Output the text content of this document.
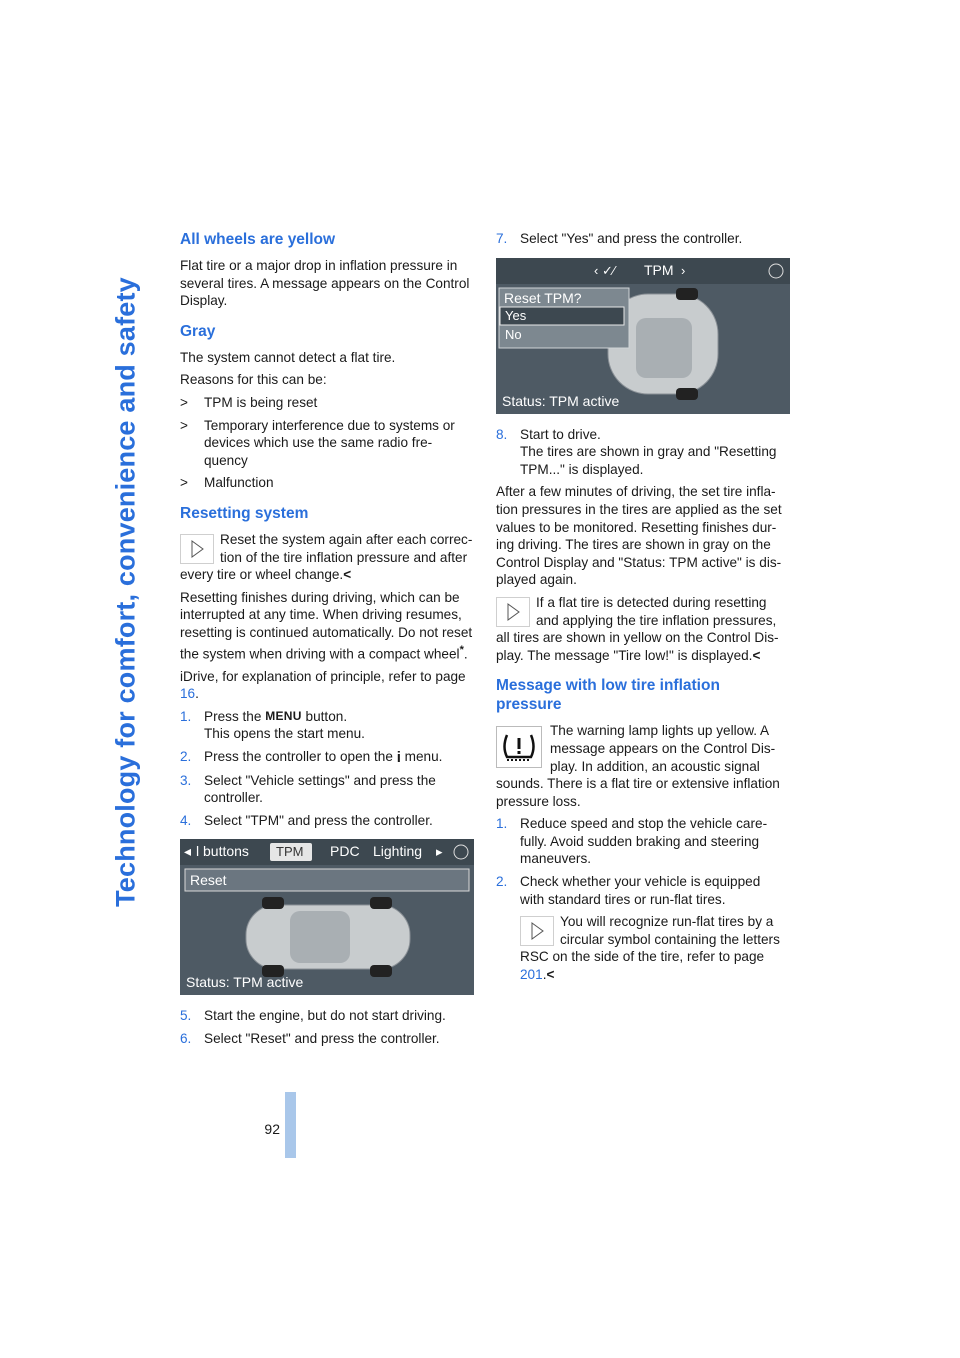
Technology for comfort, convenience and safety
92
All wheels are yellow

Flat tire or a major drop in inflation pressure in several tires. A message appears on the Control Display.

Gray

The system cannot detect a flat tire.

Reasons for this can be:

> TPM is being reset
> Temporary interference due to systems or devices which use the same radio fre-quency
> Malfunction
Resetting system

Reset the system again after each correc-tion of the tire inflation pressure and after every tire or wheel change.<

Resetting finishes during driving, which can be interrupted at any time. When driving resumes, resetting is continued automatically. Do not reset the system when driving with a compact wheel*.

iDrive, for explanation of principle, refer to page 16.

1. Press the MENU button.
This opens the start menu.
2. Press the controller to open the i menu.
3. Select "Vehicle settings" and press the controller.
4. Select "TPM" and press the controller.
◂ l buttons TPM PDC Lighting ▸
Reset
Status: TPM active
5. Start the engine, but do not start driving.
6. Select "Reset" and press the controller.
7. Select "Yes" and press the controller.
‹ ✓⁄ TPM ›
Reset TPM?
Yes
No
Status: TPM active
8. Start to drive.
The tires are shown in gray and "Resetting TPM..." is displayed.

After a few minutes of driving, the set tire infla-tion pressures in the tires are applied as the set values to be monitored. Resetting finishes dur-ing driving. The tires are shown in gray on the Control Display and "Status: TPM active" is dis-played again.

If a flat tire is detected during resetting and applying the tire inflation pressures, all tires are shown in yellow on the Control Dis-play. The message "Tire low!" is displayed.<

Message with low tire inflation pressure

The warning lamp lights up yellow. A message appears on the Control Dis-play. In addition, an acoustic signal sounds. There is a flat tire or extensive inflation pressure loss.

1. Reduce speed and stop the vehicle care-fully. Avoid sudden braking and steering maneuvers.
2. Check whether your vehicle is equipped with standard tires or run-flat tires.

You will recognize run-flat tires by a circular symbol containing the letters RSC on the side of the tire, refer to page 201.<
